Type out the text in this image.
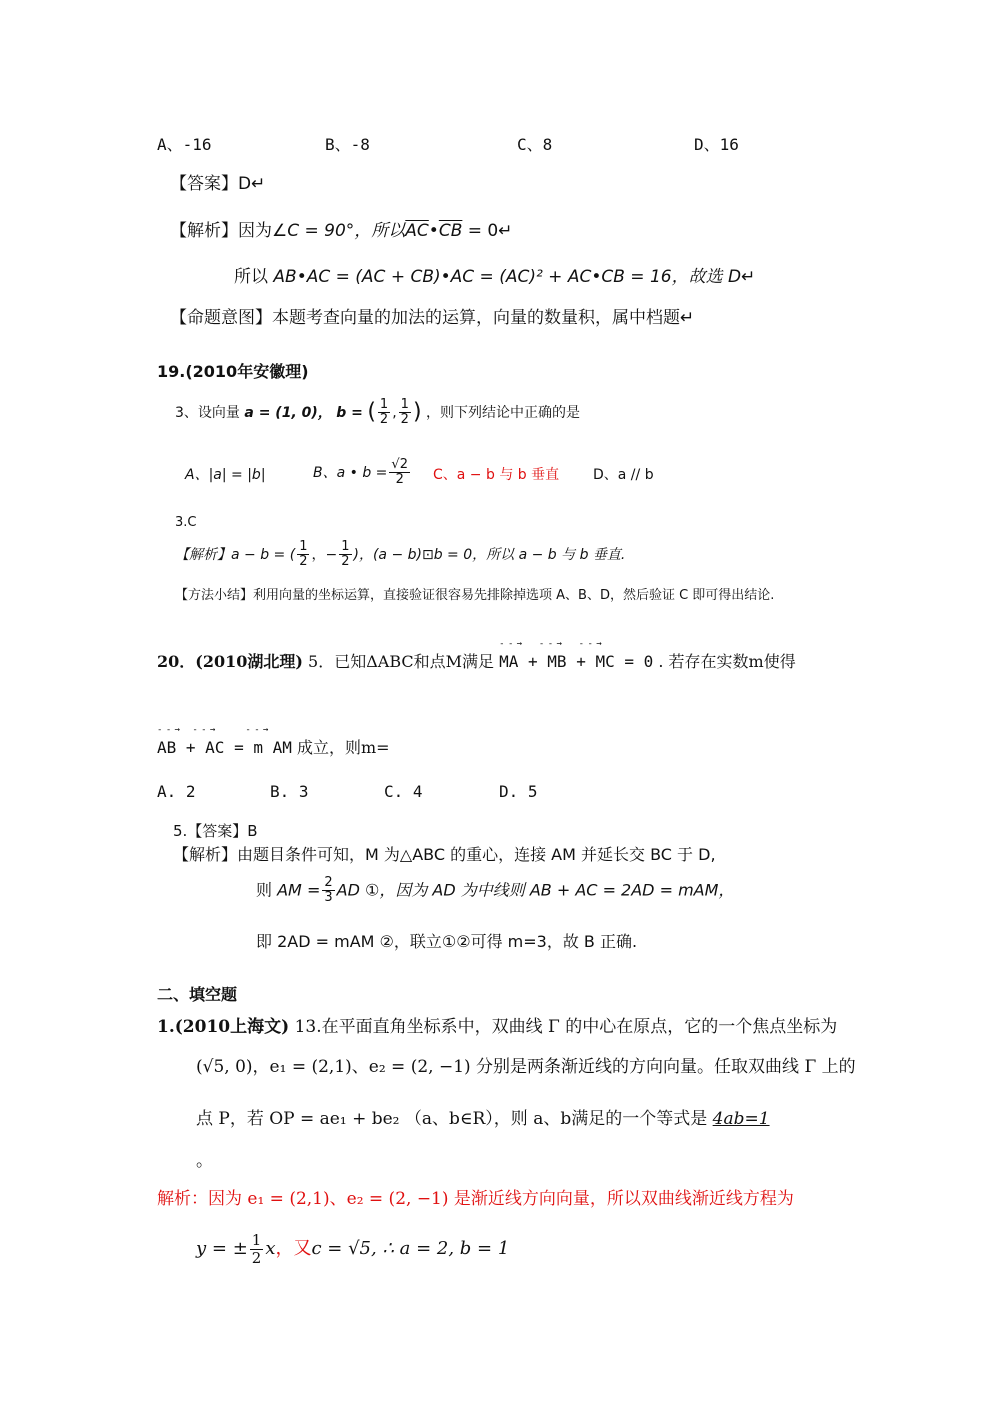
A、-16	B、-8	C、8	D、16
【答案】D↵
【解析】因为∠C = 90°，所以$\overline{AC}•\overline{CB}$ = 0↵
所以 AB•AC = (AC + CB)•AC = (AC)² + AC•CB = 16，故选 D↵
【命题意图】本题考查向量的加法的运算，向量的数量积，属中档题↵
19.(2010年安徽理)
3、设向量 a = (1, 0)， b = ( $\frac{1}{2}$ , $\frac{1}{2}$ ) ，则下列结论中正确的是
A、|a| = |b|	B、a • $b = \frac{√2}{2}$ C、a − b 与 b 垂直 D、a // b
3.C
【解析】a − b = ( $\frac{1}{2}$ ，− $\frac{1}{2}$ )，(a − b)⊡b = 0，所以 a − b 与 b 垂直.
【方法小结】利用向量的坐标运算，直接验证很容易先排除掉选项 A、B、D，然后验证 C 即可得出结论.
20．(2010湖北理) 5．已知ΔABC和点M满足
- - →    - - →    - - →
MA + MB + MC = 0 . 若存在实数m使得
- - →   - - →       - - →
AB + AC = m AM 成立，则m=
A. 2	B. 3	C. 4	D. 5
5.【答案】B
【解析】由题目条件可知，M 为△ABC 的重心，连接 AM 并延长交 BC 于 D,
则 AM = $\frac{2}{3}$ AD ①，因为 AD 为中线则 AB + AC = 2AD = mAM，
即 2AD = mAM ②，联立①②可得 m=3，故 B 正确.
二、填空题
1.(2010上海文) 13.在平面直角坐标系中，双曲线 Γ 的中心在原点，它的一个焦点坐标为
(√5, 0)，e₁ = (2,1)、e₂ = (2, −1) 分别是两条渐近线的方向向量。任取双曲线 Γ 上的
点 P，若 OP = ae₁ + be₂ （a、b∈R），则 a、b满足的一个等式是 4ab=1
。
解析：因为 e₁ = (2,1)、e₂ = (2, −1) 是渐近线方向向量，所以双曲线渐近线方程为
y = ± $\frac{1}{2}$ x，又c = √5, ∴ a = 2, b = 1
